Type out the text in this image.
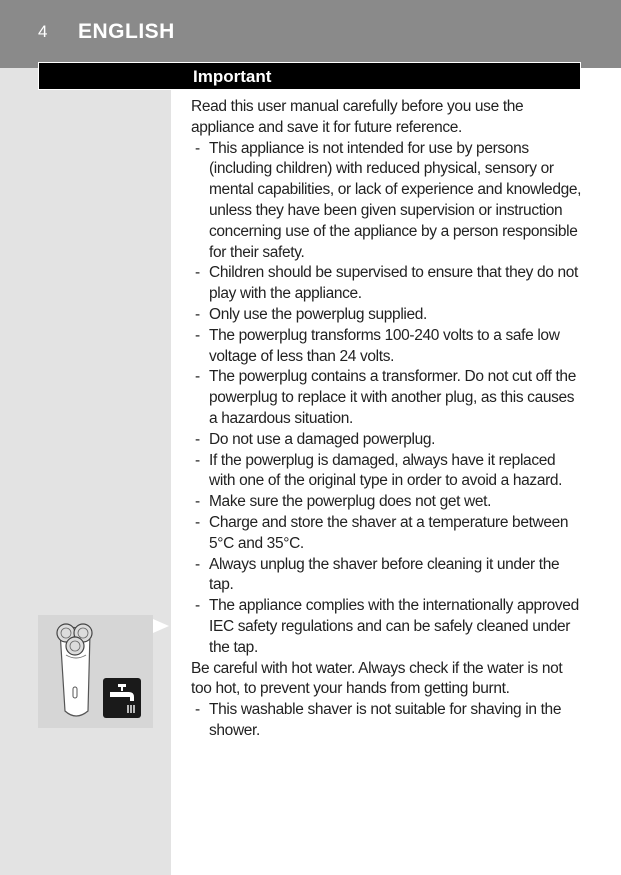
4 ENGLISH
Important

Read this user manual carefully before you use the appliance and save it for future reference.

- This appliance is not intended for use by persons (including children) with reduced physical, sensory or mental capabilities, or lack of experience and knowledge, unless they have been given supervision or instruction concerning use of the appliance by a person responsible for their safety.
- Children should be supervised to ensure that they do not play with the appliance.
- Only use the powerplug supplied.
- The powerplug transforms 100-240 volts to a safe low voltage of less than 24 volts.
- The powerplug contains a transformer. Do not cut off the powerplug to replace it with another plug, as this causes a hazardous situation.
- Do not use a damaged powerplug.
- If the powerplug is damaged, always have it replaced with one of the original type in order to avoid a hazard.
- Make sure the powerplug does not get wet.
- Charge and store the shaver at a temperature between 5°C and 35°C.
- Always unplug the shaver before cleaning it under the tap.
- The appliance complies with the internationally approved IEC safety regulations and can be safely cleaned under the tap.

Be careful with hot water. Always check if the water is not too hot, to prevent your hands from getting burnt.

- This washable shaver is not suitable for shaving in the shower.
